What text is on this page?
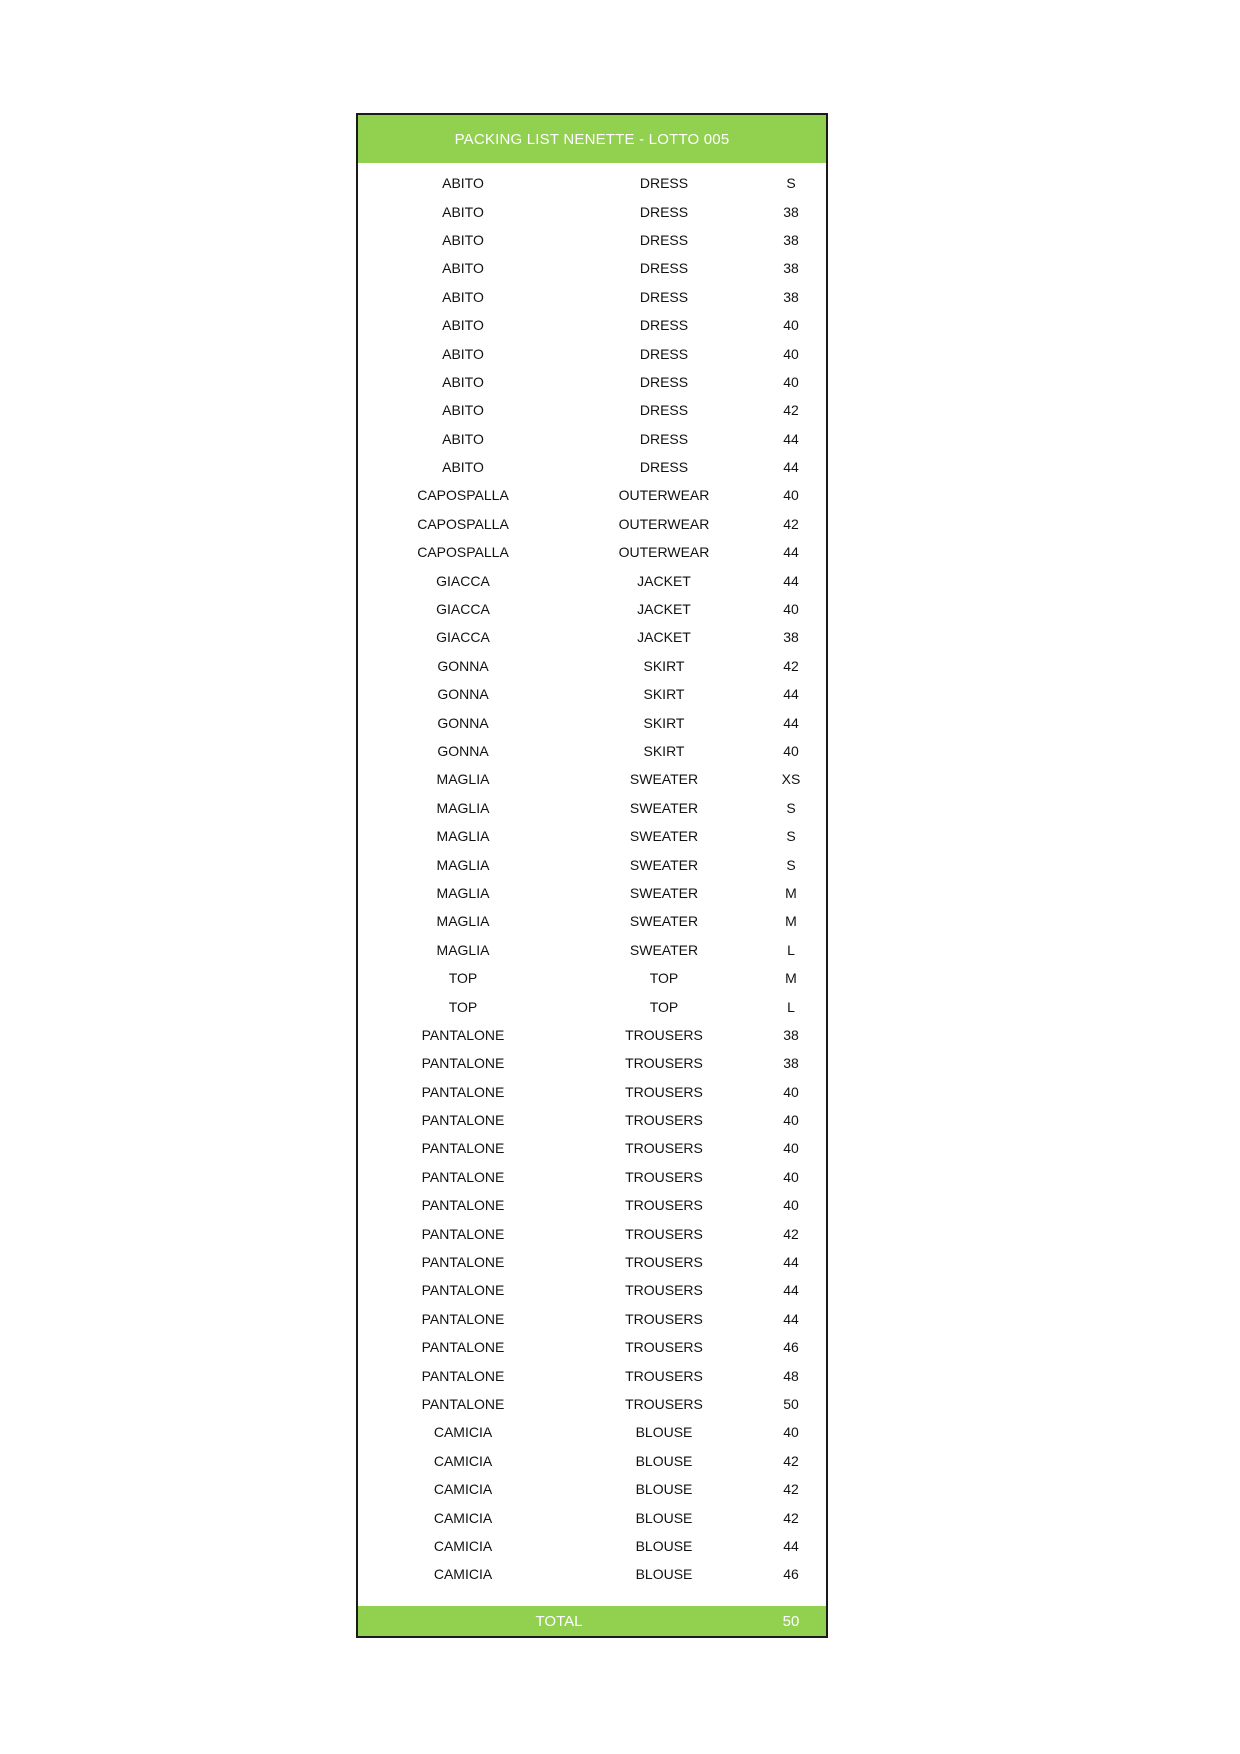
PACKING LIST NENETTE - LOTTO 005
ABITO	DRESS	S
ABITO	DRESS	38
ABITO	DRESS	38
ABITO	DRESS	38
ABITO	DRESS	38
ABITO	DRESS	40
ABITO	DRESS	40
ABITO	DRESS	40
ABITO	DRESS	42
ABITO	DRESS	44
ABITO	DRESS	44
CAPOSPALLA	OUTERWEAR	40
CAPOSPALLA	OUTERWEAR	42
CAPOSPALLA	OUTERWEAR	44
GIACCA	JACKET	44
GIACCA	JACKET	40
GIACCA	JACKET	38
GONNA	SKIRT	42
GONNA	SKIRT	44
GONNA	SKIRT	44
GONNA	SKIRT	40
MAGLIA	SWEATER	XS
MAGLIA	SWEATER	S
MAGLIA	SWEATER	S
MAGLIA	SWEATER	S
MAGLIA	SWEATER	M
MAGLIA	SWEATER	M
MAGLIA	SWEATER	L
TOP	TOP	M
TOP	TOP	L
PANTALONE	TROUSERS	38
PANTALONE	TROUSERS	38
PANTALONE	TROUSERS	40
PANTALONE	TROUSERS	40
PANTALONE	TROUSERS	40
PANTALONE	TROUSERS	40
PANTALONE	TROUSERS	40
PANTALONE	TROUSERS	42
PANTALONE	TROUSERS	44
PANTALONE	TROUSERS	44
PANTALONE	TROUSERS	44
PANTALONE	TROUSERS	46
PANTALONE	TROUSERS	48
PANTALONE	TROUSERS	50
CAMICIA	BLOUSE	40
CAMICIA	BLOUSE	42
CAMICIA	BLOUSE	42
CAMICIA	BLOUSE	42
CAMICIA	BLOUSE	44
CAMICIA	BLOUSE	46
TOTAL	50
